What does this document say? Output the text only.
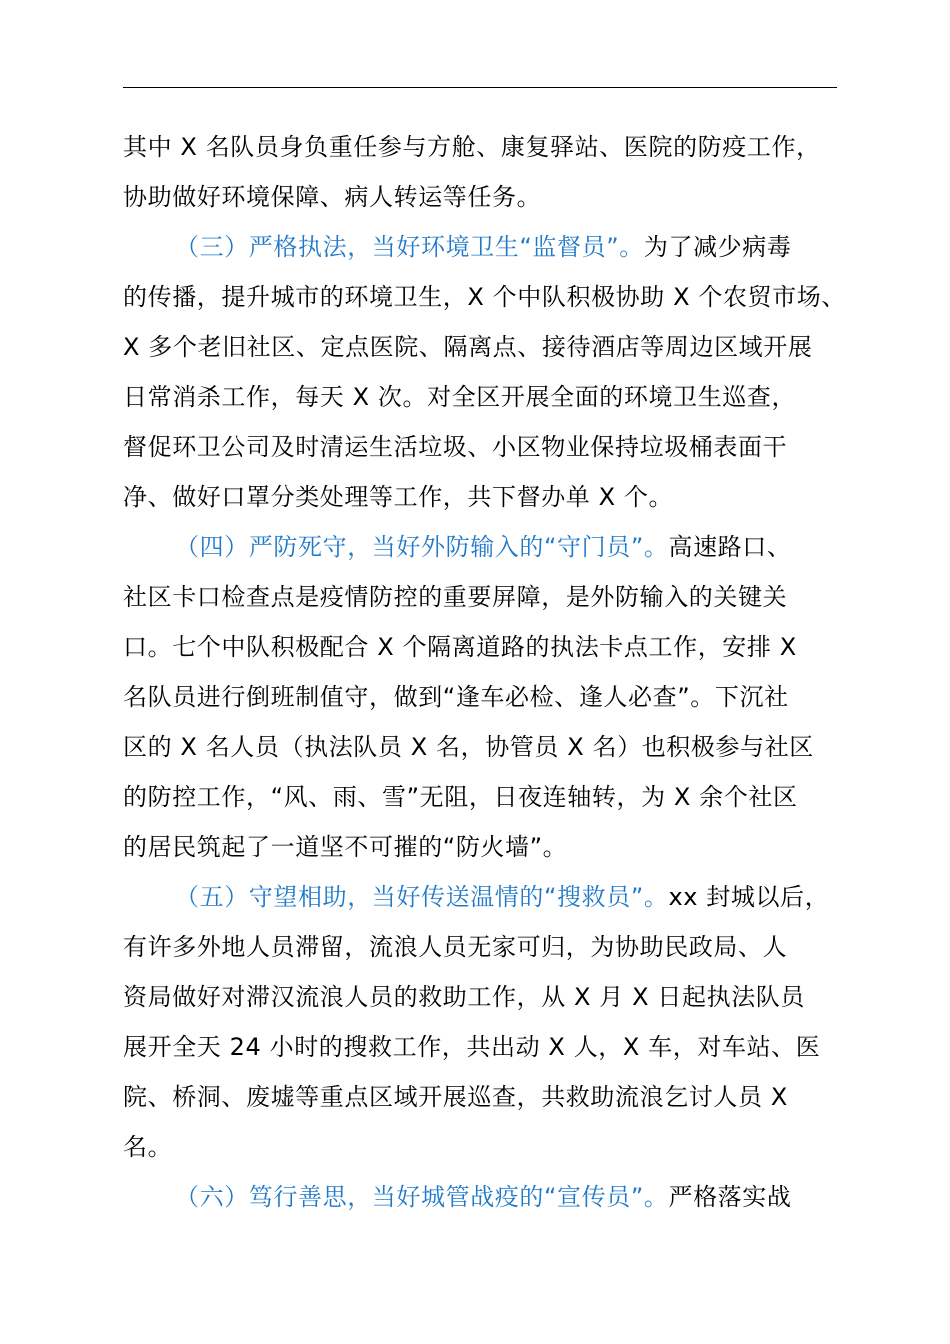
其中 X 名队员身负重任参与方舱、康复驿站、医院的防疫工作，
协助做好环境保障、病人转运等任务。
（三）严格执法，当好环境卫生“监督员”。为了减少病毒
的传播，提升城市的环境卫生，X 个中队积极协助 X 个农贸市场、
X 多个老旧社区、定点医院、隔离点、接待酒店等周边区域开展
日常消杀工作，每天 X 次。对全区开展全面的环境卫生巡查，
督促环卫公司及时清运生活垃圾、小区物业保持垃圾桶表面干
净、做好口罩分类处理等工作，共下督办单 X 个。
（四）严防死守，当好外防输入的“守门员”。高速路口、
社区卡口检查点是疫情防控的重要屏障，是外防输入的关键关
口。七个中队积极配合 X 个隔离道路的执法卡点工作，安排 X
名队员进行倒班制值守，做到“逢车必检、逢人必查”。下沉社
区的 X 名人员（执法队员 X 名，协管员 X 名）也积极参与社区
的防控工作，“风、雨、雪”无阻，日夜连轴转，为 X 余个社区
的居民筑起了一道坚不可摧的“防火墙”。
（五）守望相助，当好传送温情的“搜救员”。xx 封城以后，
有许多外地人员滞留，流浪人员无家可归，为协助民政局、人
资局做好对滞汉流浪人员的救助工作，从 X 月 X 日起执法队员
展开全天 24 小时的搜救工作，共出动 X 人，X 车，对车站、医
院、桥洞、废墟等重点区域开展巡查，共救助流浪乞讨人员 X
名。
（六）笃行善思，当好城管战疫的“宣传员”。严格落实战
